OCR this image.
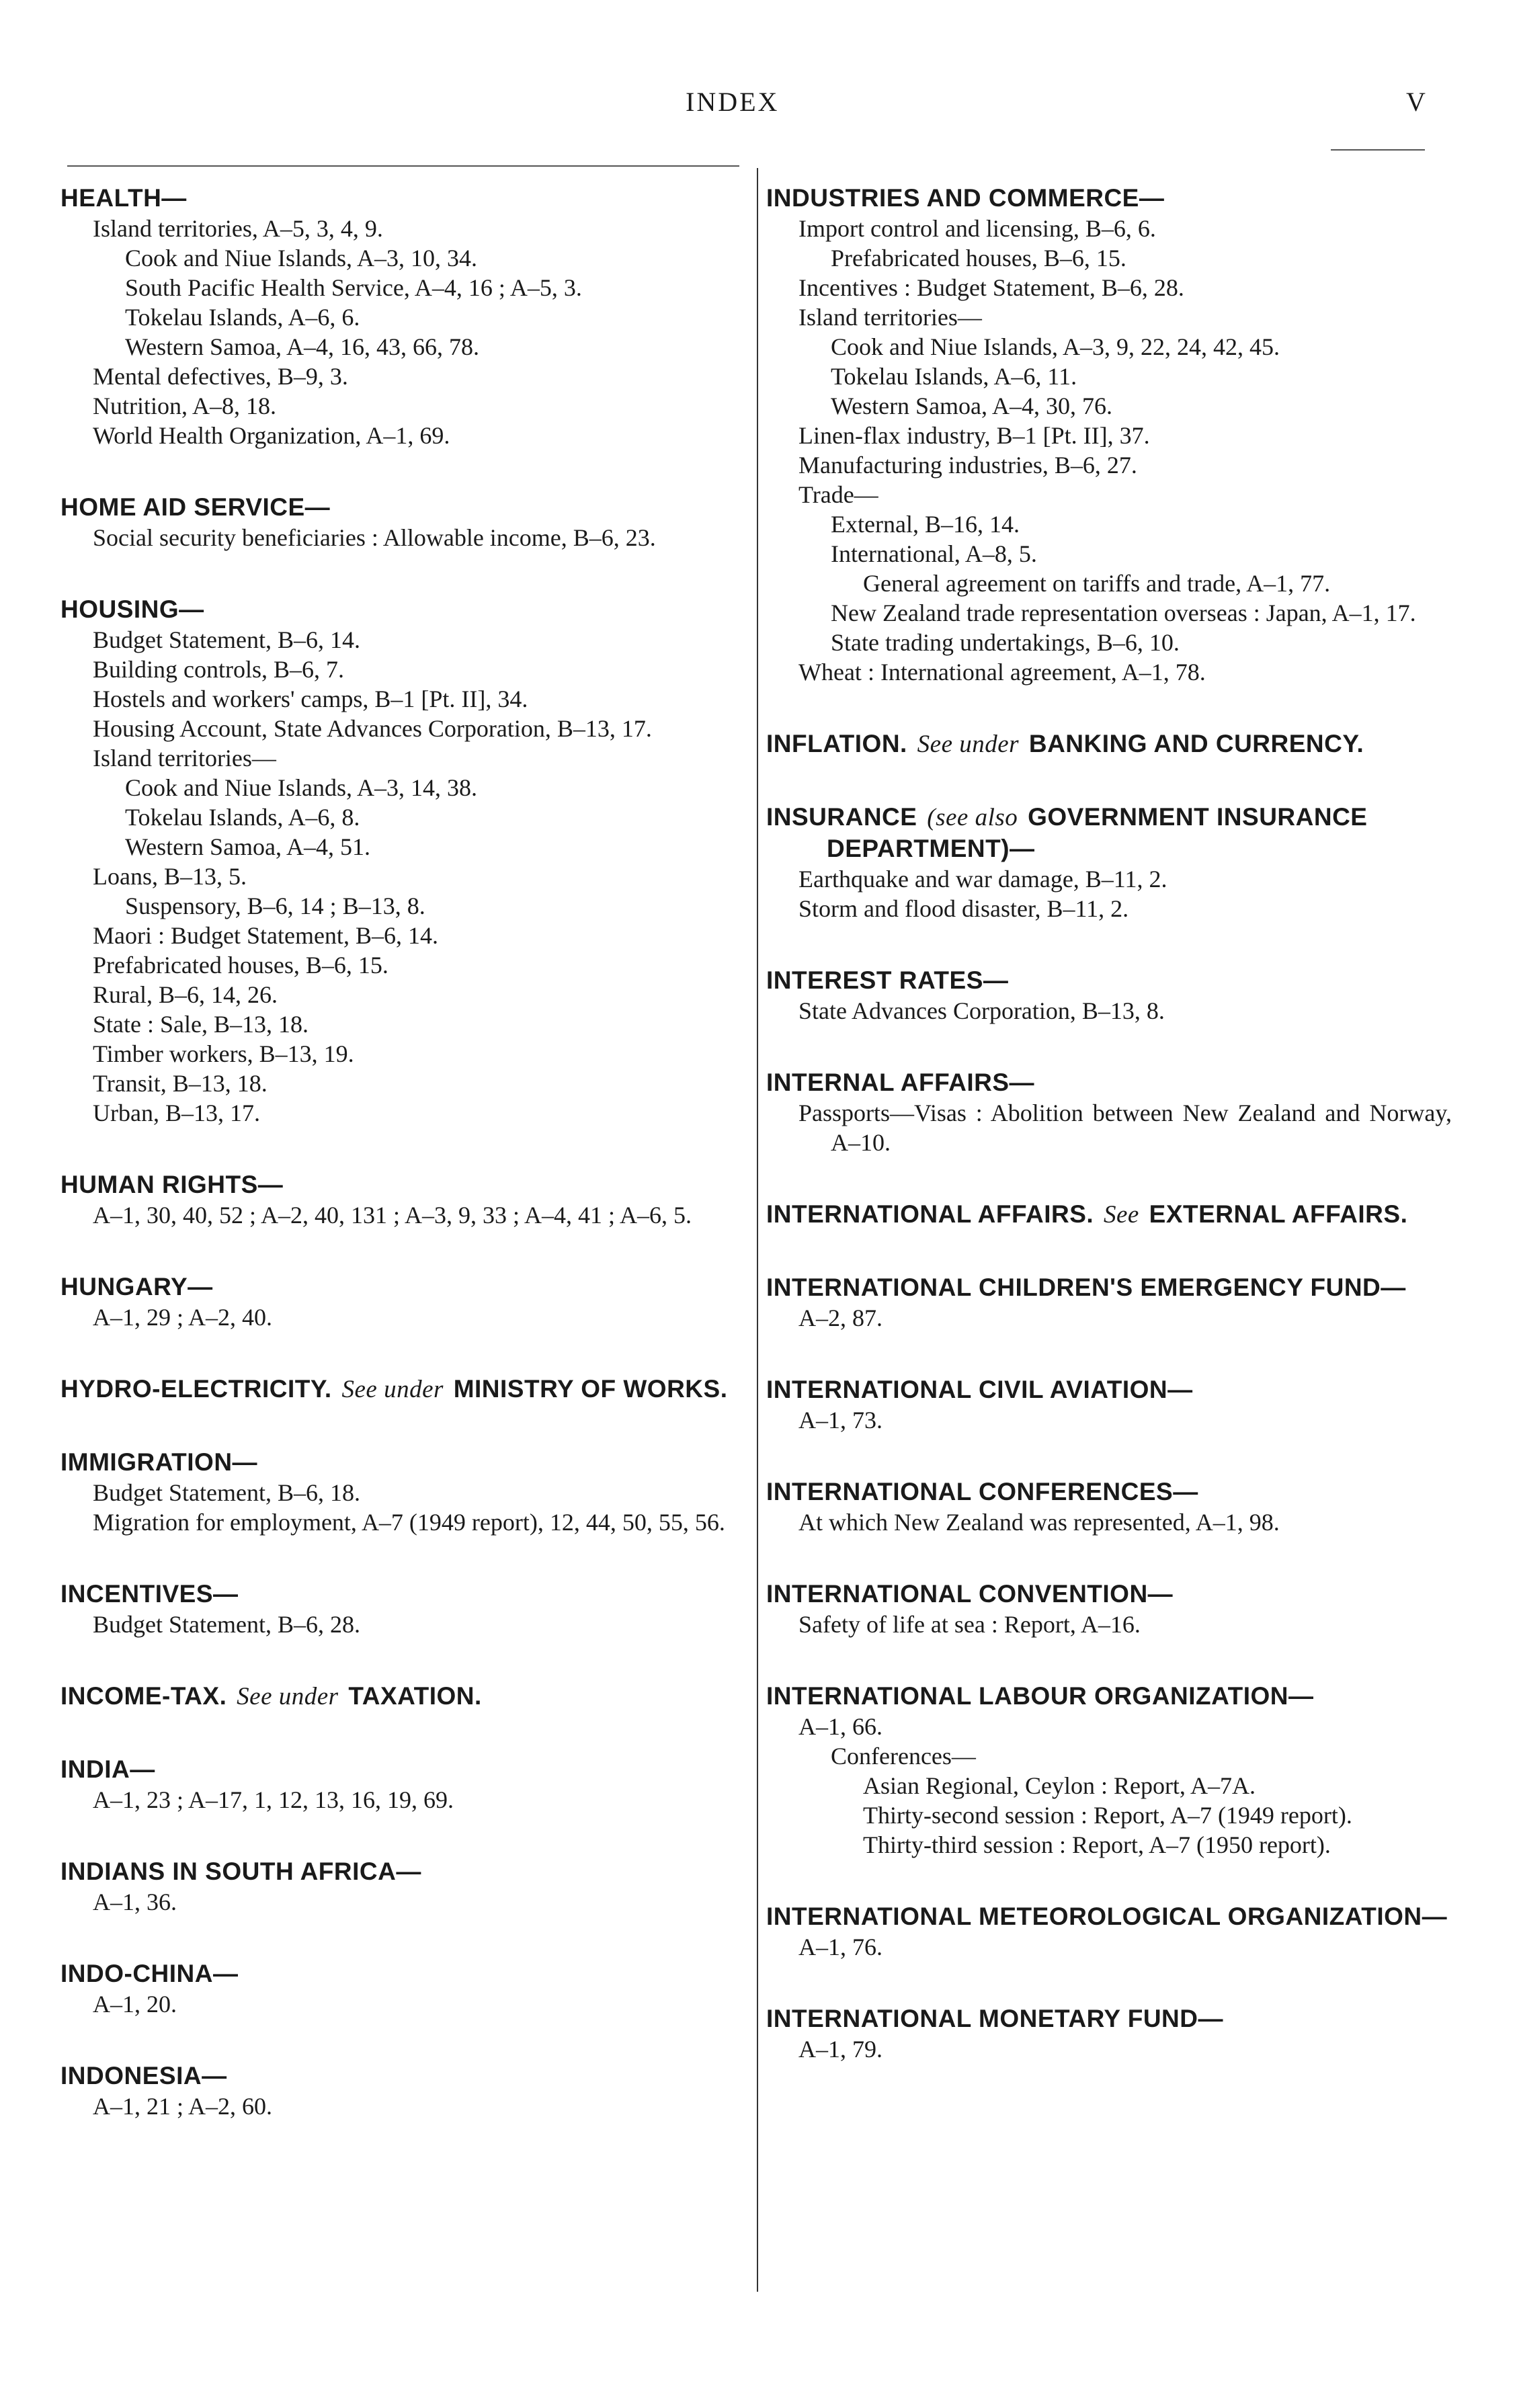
INDEX	V
HEALTH—
Island territories, A–5, 3, 4, 9.
Cook and Niue Islands, A–3, 10, 34.
South Pacific Health Service, A–4, 16 ; A–5, 3.
Tokelau Islands, A–6, 6.
Western Samoa, A–4, 16, 43, 66, 78.
Mental defectives, B–9, 3.
Nutrition, A–8, 18.
World Health Organization, A–1, 69.
HOME AID SERVICE—
Social security beneficiaries : Allowable income, B–6, 23.
HOUSING—
Budget Statement, B–6, 14.
Building controls, B–6, 7.
Hostels and workers' camps, B–1 [Pt. II], 34.
Housing Account, State Advances Corporation, B–13, 17.
Island territories—
Cook and Niue Islands, A–3, 14, 38.
Tokelau Islands, A–6, 8.
Western Samoa, A–4, 51.
Loans, B–13, 5.
Suspensory, B–6, 14 ; B–13, 8.
Maori : Budget Statement, B–6, 14.
Prefabricated houses, B–6, 15.
Rural, B–6, 14, 26.
State : Sale, B–13, 18.
Timber workers, B–13, 19.
Transit, B–13, 18.
Urban, B–13, 17.
HUMAN RIGHTS—
A–1, 30, 40, 52 ; A–2, 40, 131 ; A–3, 9, 33 ; A–4, 41 ; A–6, 5.
HUNGARY—
A–1, 29 ; A–2, 40.
HYDRO-ELECTRICITY. See under MINISTRY OF WORKS.
IMMIGRATION—
Budget Statement, B–6, 18.
Migration for employment, A–7 (1949 report), 12, 44, 50, 55, 56.
INCENTIVES—
Budget Statement, B–6, 28.
INCOME-TAX. See under TAXATION.
INDIA—
A–1, 23 ; A–17, 1, 12, 13, 16, 19, 69.
INDIANS IN SOUTH AFRICA—
A–1, 36.
INDO-CHINA—
A–1, 20.
INDONESIA—
A–1, 21 ; A–2, 60.
INDUSTRIES AND COMMERCE—
Import control and licensing, B–6, 6.
Prefabricated houses, B–6, 15.
Incentives : Budget Statement, B–6, 28.
Island territories—
Cook and Niue Islands, A–3, 9, 22, 24, 42, 45.
Tokelau Islands, A–6, 11.
Western Samoa, A–4, 30, 76.
Linen-flax industry, B–1 [Pt. II], 37.
Manufacturing industries, B–6, 27.
Trade—
External, B–16, 14.
International, A–8, 5.
General agreement on tariffs and trade, A–1, 77.
New Zealand trade representation overseas : Japan, A–1, 17.
State trading undertakings, B–6, 10.
Wheat : International agreement, A–1, 78.
INFLATION. See under BANKING AND CURRENCY.
INSURANCE (see also GOVERNMENT INSURANCE DEPARTMENT)—
Earthquake and war damage, B–11, 2.
Storm and flood disaster, B–11, 2.
INTEREST RATES—
State Advances Corporation, B–13, 8.
INTERNAL AFFAIRS—
Passports—Visas : Abolition between New Zealand and Norway, A–10.
INTERNATIONAL AFFAIRS. See EXTERNAL AFFAIRS.
INTERNATIONAL CHILDREN'S EMERGENCY FUND—
A–2, 87.
INTERNATIONAL CIVIL AVIATION—
A–1, 73.
INTERNATIONAL CONFERENCES—
At which New Zealand was represented, A–1, 98.
INTERNATIONAL CONVENTION—
Safety of life at sea : Report, A–16.
INTERNATIONAL LABOUR ORGANIZATION—
A–1, 66.
Conferences—
Asian Regional, Ceylon : Report, A–7A.
Thirty-second session : Report, A–7 (1949 report).
Thirty-third session : Report, A–7 (1950 report).
INTERNATIONAL METEOROLOGICAL ORGANIZATION—
A–1, 76.
INTERNATIONAL MONETARY FUND—
A–1, 79.
